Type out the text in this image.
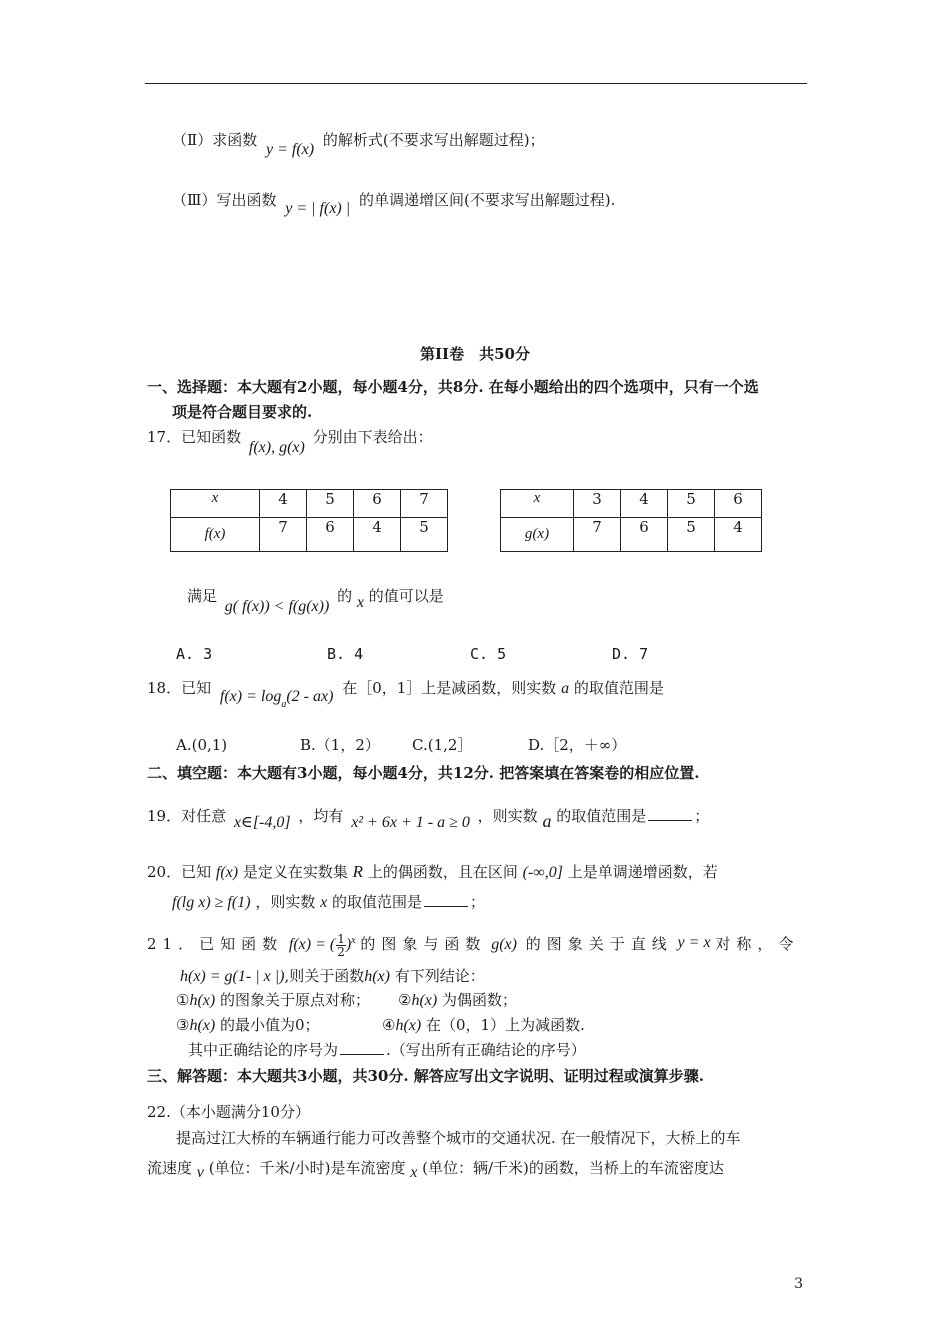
（Ⅱ）求函数 y = f(x) 的解析式(不要求写出解题过程)；
（Ⅲ）写出函数 y = | f(x) | 的单调递增区间(不要求写出解题过程).
第II卷　共50分
一、选择题：本大题有2小题，每小题4分，共8分. 在每小题给出的四个选项中，只有一个选
项是符合题目要求的.
17．已知函数 f(x), g(x) 分别由下表给出：
x	4	5	6	7
f(x)	7	6	4	5
x	3	4	5	6
g(x)	7	6	5	4
满足 g( f(x)) < f(g(x)) 的 x 的值可以是
A. 3	B. 4	C. 5	D. 7
18．已知 $f(x) = \log_a(2 - ax)$ 在［0，1］上是减函数，则实数 a 的取值范围是
A.(0,1)	B.（1，2） C.(1,2］	D.［2，＋∞）
二、填空题：本大题有3小题，每小题4分，共12分. 把答案填在答案卷的相应位置.
19．对任意 x∈[-4,0] ，均有 x² + 6x + 1 - a ≥ 0 ，则实数 a 的取值范围是	；
20．已知 f(x) 是定义在实数集 R 上的偶函数，且在区间 (-∞,0] 上是单调递增函数，若
f(lg x) ≥ f(1) ，则实数 x 的取值范围是	；
21．已知函数 f(x) = ( $\frac{1}{2} )^x$ 的图象与函数 g(x) 的图象关于直线 y = x 对称，令
h(x) = g(1- | x |),则关于函数h(x) 有下列结论：
①h(x) 的图象关于原点对称； ②h(x) 为偶函数；
③h(x) 的最小值为0；	④h(x) 在（0，1）上为减函数.
其中正确结论的序号为	.（写出所有正确结论的序号）
三、解答题：本大题共3小题，共30分. 解答应写出文字说明、证明过程或演算步骤.
22.（本小题满分10分）
提高过江大桥的车辆通行能力可改善整个城市的交通状况. 在一般情况下，大桥上的车
流速度 v (单位：千米/小时)是车流密度 x (单位：辆/千米)的函数，当桥上的车流密度达
3
